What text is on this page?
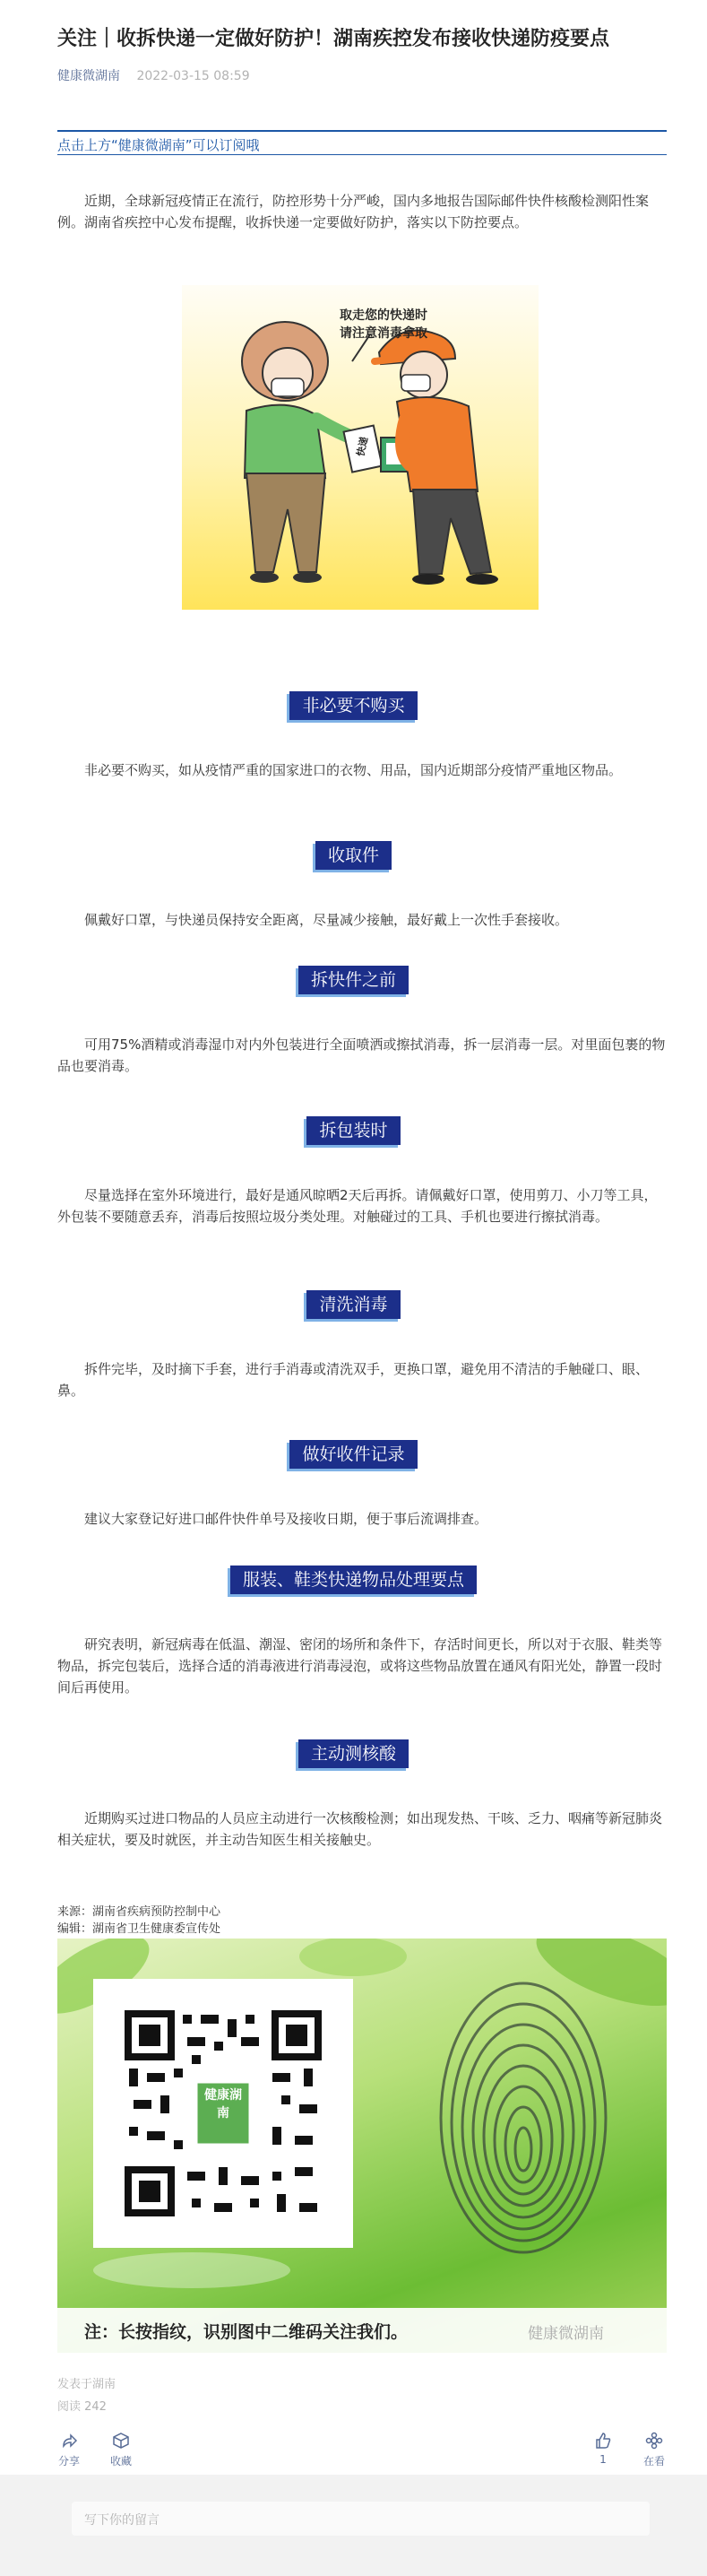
关注｜收拆快递一定做好防护！湖南疾控发布接收快递防疫要点
健康微湖南 2022-03-15 08:59
点击上方“健康微湖南”可以订阅哦

近期，全球新冠疫情正在流行，防控形势十分严峻，国内多地报告国际邮件快件核酸检测阳性案例。湖南省疾控中心发布提醒，收拆快递一定要做好防护，落实以下防控要点。

取走您的快递时
请注意消毒拿取
快递
非必要不购买

非必要不购买，如从疫情严重的国家进口的衣物、用品，国内近期部分疫情严重地区物品。

收取件

佩戴好口罩，与快递员保持安全距离，尽量减少接触，最好戴上一次性手套接收。

拆快件之前

可用75%酒精或消毒湿巾对内外包装进行全面喷洒或擦拭消毒，拆一层消毒一层。对里面包裹的物品也要消毒。

拆包装时

尽量选择在室外环境进行，最好是通风晾晒2天后再拆。请佩戴好口罩，使用剪刀、小刀等工具，外包装不要随意丢弃，消毒后按照垃圾分类处理。对触碰过的工具、手机也要进行擦拭消毒。

清洗消毒

拆件完毕，及时摘下手套，进行手消毒或清洗双手，更换口罩，避免用不清洁的手触碰口、眼、鼻。

做好收件记录

建议大家登记好进口邮件快件单号及接收日期，便于事后流调排查。

服装、鞋类快递物品处理要点

研究表明，新冠病毒在低温、潮湿、密闭的场所和条件下，存活时间更长，所以对于衣服、鞋类等物品，拆完包装后，选择合适的消毒液进行消毒浸泡，或将这些物品放置在通风有阳光处，静置一段时间后再使用。

主动测核酸

近期购买过进口物品的人员应主动进行一次核酸检测；如出现发热、干咳、乏力、咽痛等新冠肺炎相关症状，要及时就医，并主动告知医生相关接触史。

来源：湖南省疾病预防控制中心
编辑：湖南省卫生健康委宣传处
健康湖南
注：长按指纹，识别图中二维码关注我们。	健康微湖南
发表于湖南
阅读 242
分享	收藏	1	在看
写下你的留言
